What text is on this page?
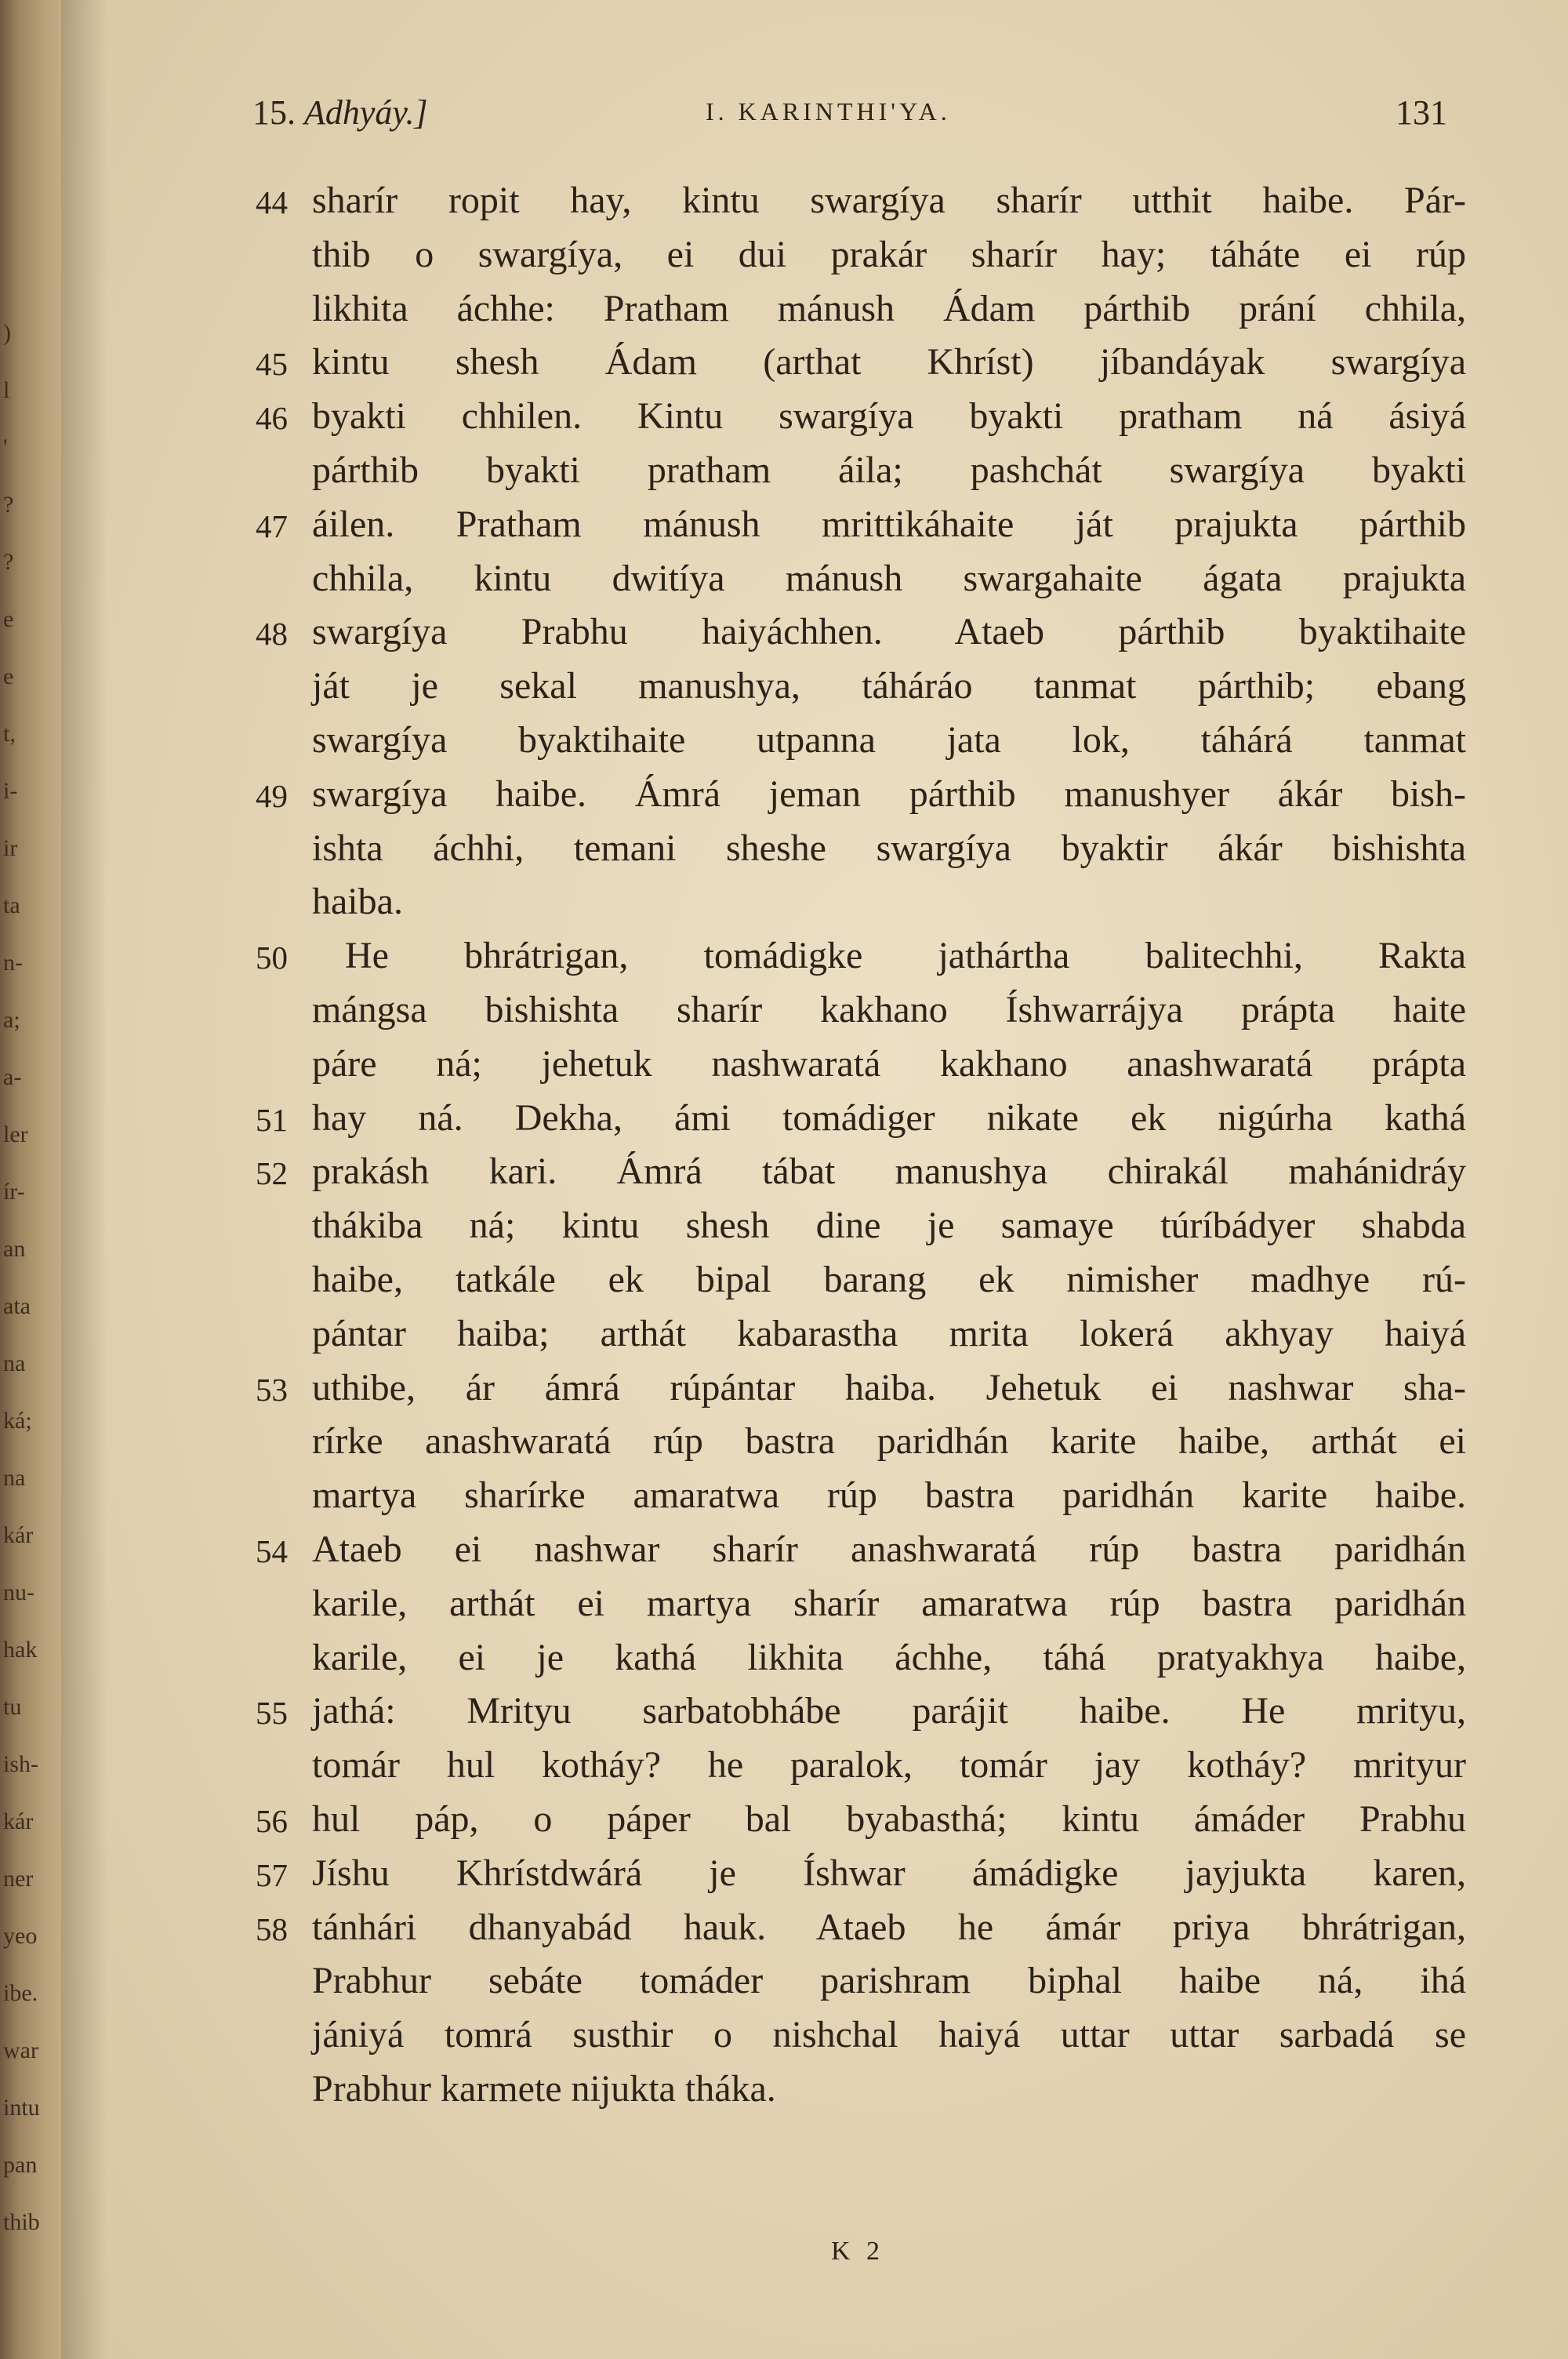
)
l
'
?
?
e
e
t,
i-
ir
ta
n-
a;
a-
ler
ír-
an
ata
na
ká;
na
kár
nu-
hak
tu
ish-
kár
ner
yeo
ibe.
war
intu
pan
thib
15. Adhyáy.]	I. KARINTHI'YA.	131
44 sharír ropit hay, kintu swargíya sharír utthit haibe. Pár-
thib o swargíya, ei dui prakár sharír hay; táháte ei rúp
likhita áchhe: Pratham mánush Ádam párthib prání chhila,
45 kintu shesh Ádam (arthat Khríst) jíbandáyak swargíya
46 byakti chhilen. Kintu swargíya byakti pratham ná ásiyá
párthib byakti pratham áila; pashchát swargíya byakti
47 áilen. Pratham mánush mrittikáhaite ját prajukta párthib
chhila, kintu dwitíya mánush swargahaite ágata prajukta
48 swargíya Prabhu haiyáchhen. Ataeb párthib byaktihaite
ját je sekal manushya, táháráo tanmat párthib; ebang
swargíya byaktihaite utpanna jata lok, táhárá tanmat
49 swargíya haibe. Ámrá jeman párthib manushyer ákár bish-
ishta áchhi, temani sheshe swargíya byaktir ákár bishishta
haiba.
50	He bhrátrigan, tomádigke jathártha balitechhi, Rakta
mángsa bishishta sharír kakhano Íshwarrájya prápta haite
páre ná; jehetuk nashwaratá kakhano anashwaratá prápta
51 hay ná. Dekha, ámi tomádiger nikate ek nigúrha kathá
52 prakásh kari. Ámrá tábat manushya chirakál mahánidráy
thákiba ná; kintu shesh dine je samaye túríbádyer shabda
haibe, tatkále ek bipal barang ek nimisher madhye rú-
pántar haiba; arthát kabarastha mrita lokerá akhyay haiyá
53 uthibe, ár ámrá rúpántar haiba. Jehetuk ei nashwar sha-
rírke anashwaratá rúp bastra paridhán karite haibe, arthát ei
martya sharírke amaratwa rúp bastra paridhán karite haibe.
54 Ataeb ei nashwar sharír anashwaratá rúp bastra paridhán
karile, arthát ei martya sharír amaratwa rúp bastra paridhán
karile, ei je kathá likhita áchhe, táhá pratyakhya haibe,
55 jathá: Mrityu sarbatobhábe parájit haibe. He mrityu,
tomár hul kotháy? he paralok, tomár jay kotháy? mrityur
56 hul páp, o páper bal byabasthá; kintu ámáder Prabhu
57 Jíshu Khrístdwárá je Íshwar ámádigke jayjukta karen,
58 tánhári dhanyabád hauk. Ataeb he ámár priya bhrátrigan,
Prabhur sebáte tomáder parishram biphal haibe ná, ihá
jániyá tomrá susthir o nishchal haiyá uttar uttar sarbadá se
Prabhur karmete nijukta tháka.
K 2
